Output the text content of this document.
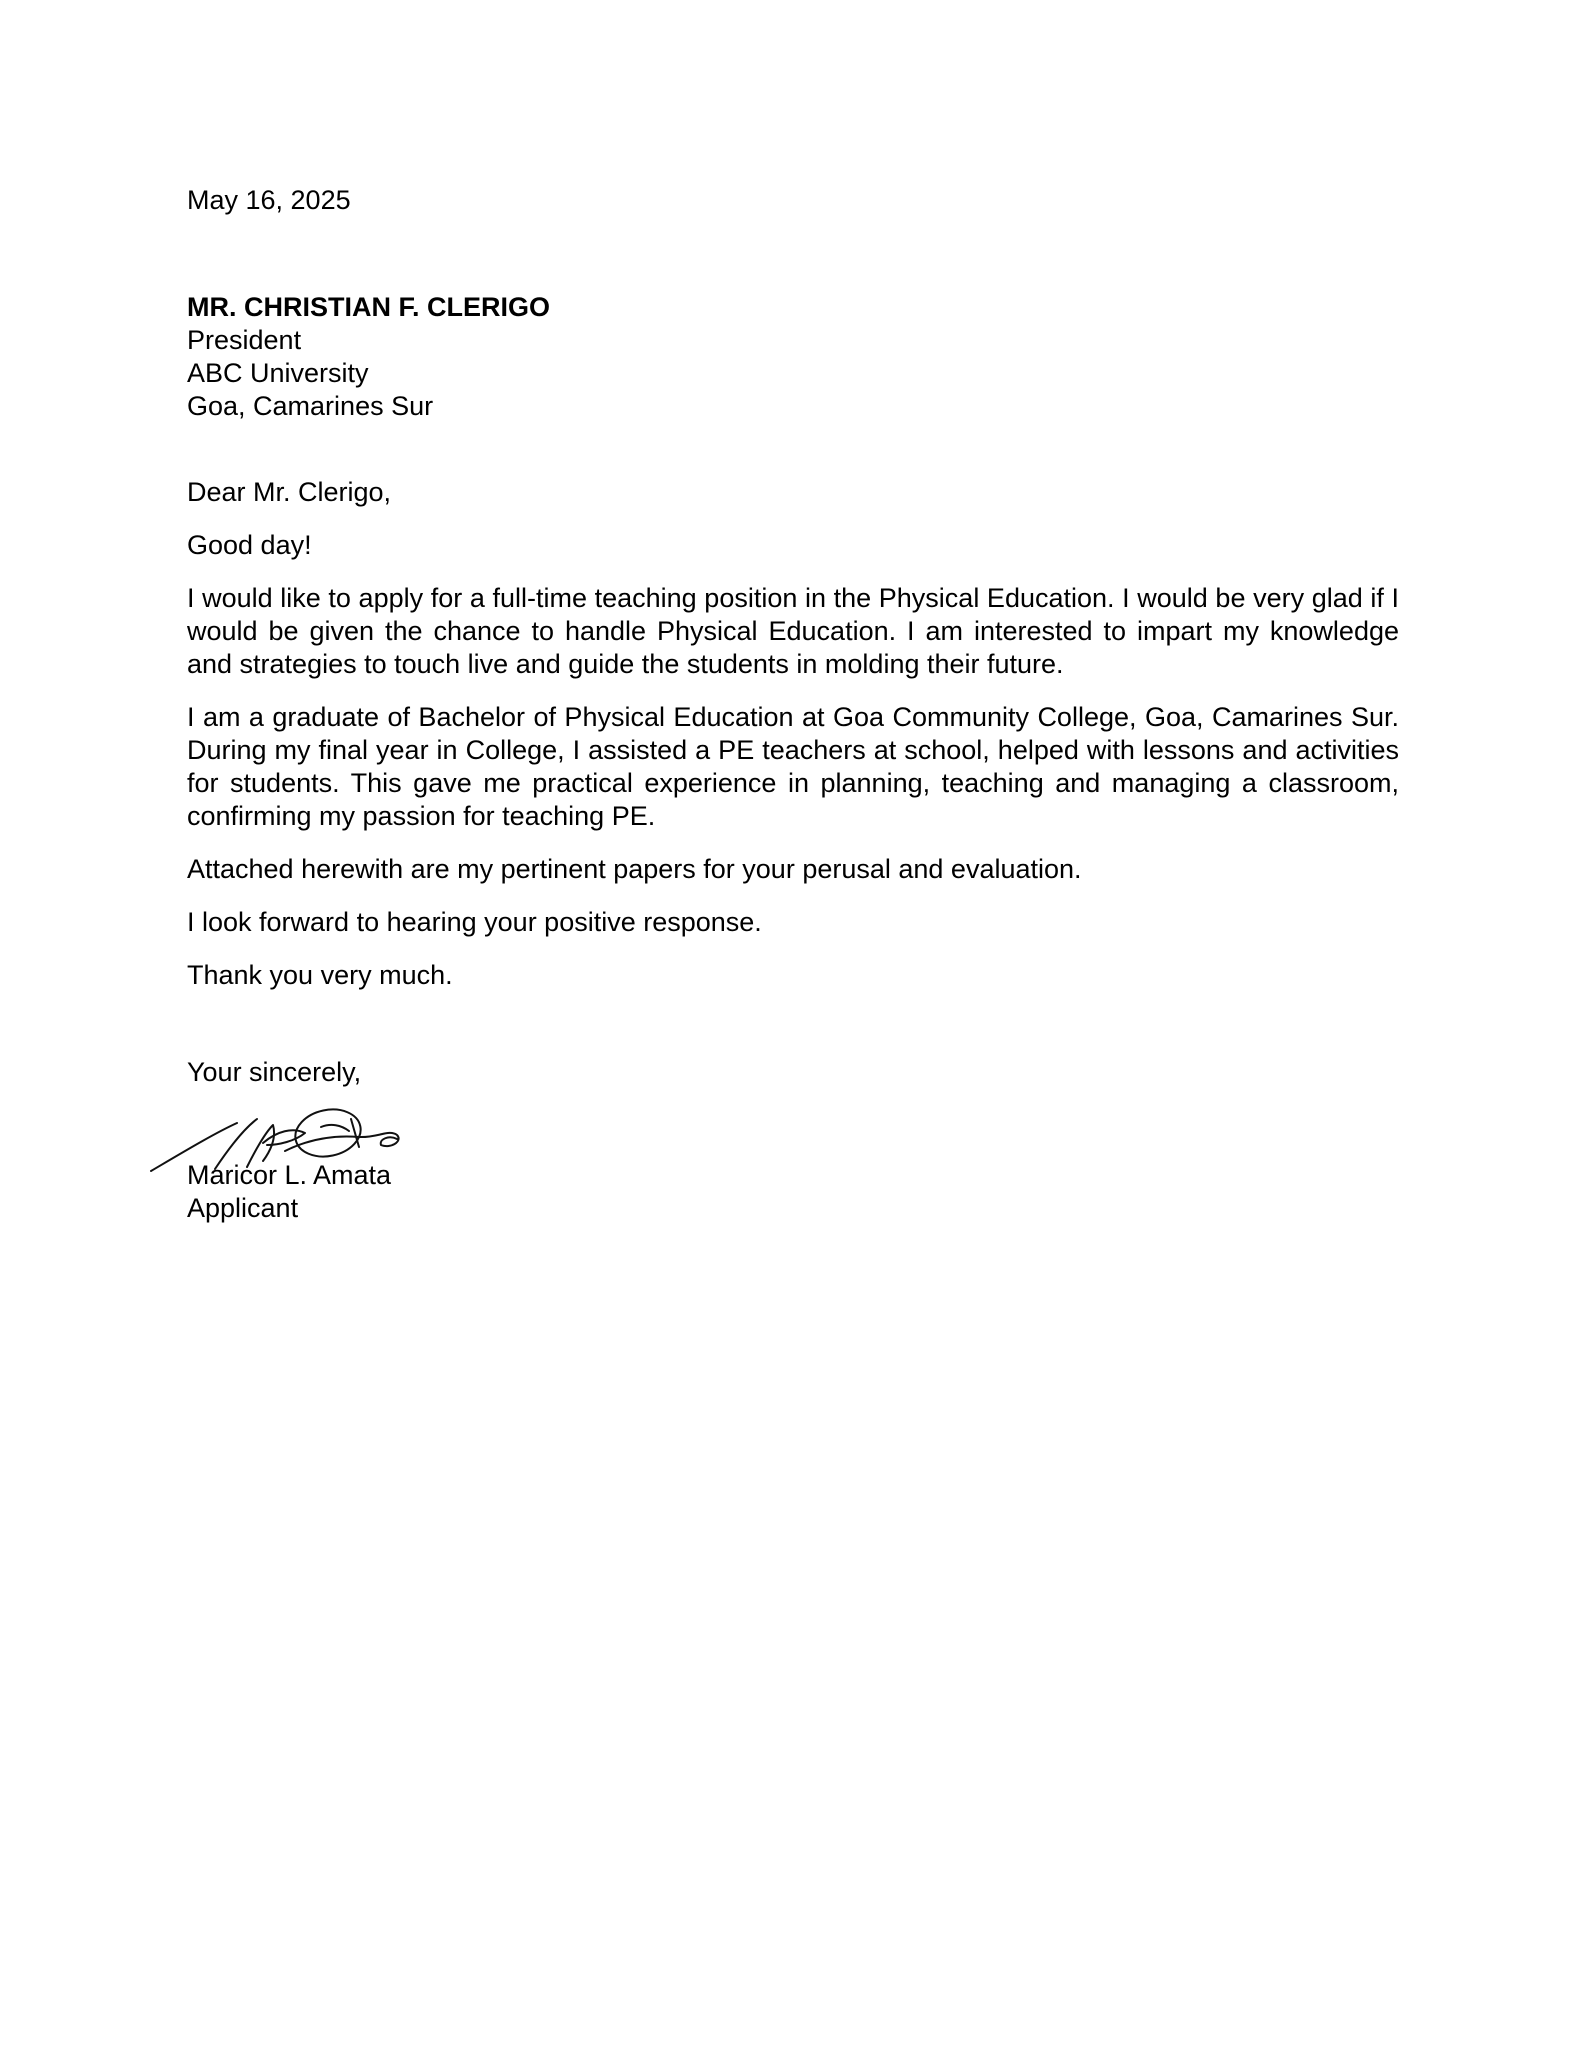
May 16, 2025

MR. CHRISTIAN F. CLERIGO
President
ABC University
Goa, Camarines Sur

Dear Mr. Clerigo,

Good day!

I would like to apply for a full-time teaching position in the Physical Education. I would be very glad if I would be given the chance to handle Physical Education. I am interested to impart my knowledge and strategies to touch live and guide the students in molding their future.

I am a graduate of Bachelor of Physical Education at Goa Community College, Goa, Camarines Sur. During my final year in College, I assisted a PE teachers at school, helped with lessons and activities for students. This gave me practical experience in planning, teaching and managing a classroom, confirming my passion for teaching PE.

Attached herewith are my pertinent papers for your perusal and evaluation.

I look forward to hearing your positive response.

Thank you very much.

Your sincerely,

Maricor L. Amata
Applicant
